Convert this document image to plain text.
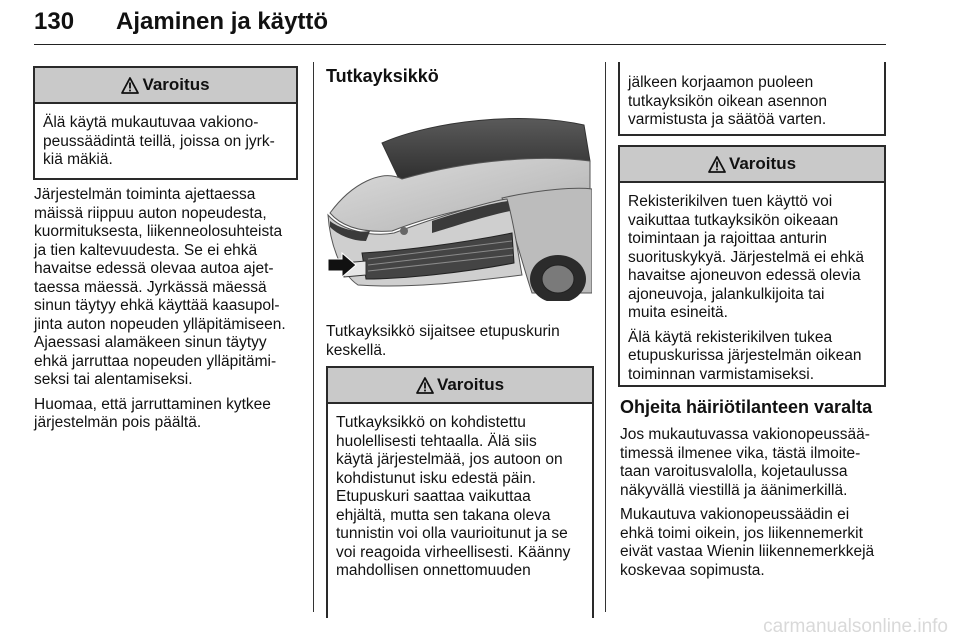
130 Ajaminen ja käyttö
Varoitus
Älä käytä mukautuvaa vakiono-
peussäädintä teillä, joissa on jyrk-
kiä mäkiä.

Järjestelmän toiminta ajettaessa
mäissä riippuu auton nopeudesta,
kuormituksesta, liikenneolosuhteista
ja tien kaltevuudesta. Se ei ehkä
havaitse edessä olevaa autoa ajet-
taessa mäessä. Jyrkässä mäessä
sinun täytyy ehkä käyttää kaasupol-
jinta auton nopeuden ylläpitämiseen.
Ajaessasi alamäkeen sinun täytyy
ehkä jarruttaa nopeuden ylläpitämi-
seksi tai alentamiseksi.

Huomaa, että jarruttaminen kytkee
järjestelmän pois päältä.

Tutkayksikkö
Tutkayksikkö sijaitsee etupuskurin
keskellä.
Varoitus
Tutkayksikkö on kohdistettu
huolellisesti tehtaalla. Älä siis
käytä järjestelmää, jos autoon on
kohdistunut isku edestä päin.
Etupuskuri saattaa vaikuttaa
ehjältä, mutta sen takana oleva
tunnistin voi olla vaurioitunut ja se
voi reagoida virheellisesti. Käänny
mahdollisen onnettomuuden
jälkeen korjaamon puoleen
tutkayksikön oikean asennon
varmistusta ja säätöä varten.
Varoitus

Rekisterikilven tuen käyttö voi
vaikuttaa tutkayksikön oikeaan
toimintaan ja rajoittaa anturin
suorituskykyä. Järjestelmä ei ehkä
havaitse ajoneuvon edessä olevia
ajoneuvoja, jalankulkijoita tai
muita esineitä.

Älä käytä rekisterikilven tukea
etupuskurissa järjestelmän oikean
toiminnan varmistamiseksi.

Ohjeita häiriötilanteen varalta

Jos mukautuvassa vakionopeussää-
timessä ilmenee vika, tästä ilmoite-
taan varoitusvalolla, kojetaulussa
näkyvällä viestillä ja äänimerkillä.

Mukautuva vakionopeussäädin ei
ehkä toimi oikein, jos liikennemerkit
eivät vastaa Wienin liikennemerkkejä
koskevaa sopimusta.

carmanualsonline.info
